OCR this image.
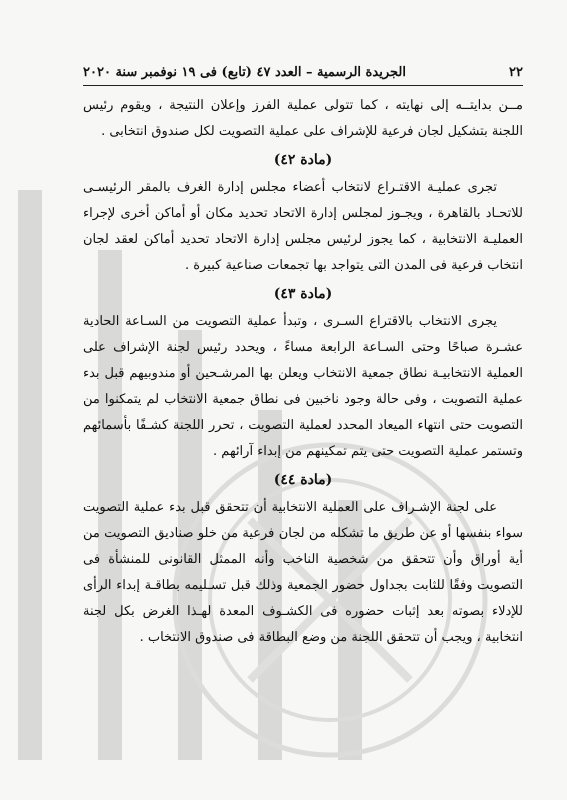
٢٢
الجريدة الرسمية – العدد ٤٧ (تابع) فى ١٩ نوفمبر سنة ٢٠٢٠

مــن بدايتــه إلى نهايته ، كما تتولى عملية الفرز وإعلان النتيجة ، ويقوم رئيس اللجنة بتشكيل لجان فرعية للإشراف على عملية التصويت لكل صندوق انتخابى .

(مادة ٤٢)

تجرى عمليـة الاقتـراع لانتخاب أعضاء مجلس إدارة الغرف بالمقر الرئيسـى للاتحـاد بالقاهرة ، ويجـوز لمجلس إدارة الاتحاد تحديد مكان أو أماكن أخرى لإجراء العمليـة الانتخابية ، كما يجوز لرئيس مجلس إدارة الاتحاد تحديد أماكن لعقد لجان انتخاب فرعية فى المدن التى يتواجد بها تجمعات صناعية كبيرة .

(مادة ٤٣)

يجرى الانتخاب بالاقتراع السـرى ، وتبدأ عملية التصويت من السـاعة الحادية عشـرة صباحًا وحتى السـاعة الرابعة مساءً ، ويحدد رئيس لجنة الإشراف على العملية الانتخابيـة نطاق جمعية الانتخاب ويعلن بها المرشـحين أو مندوبيهم قبل بدء عملية التصويت ، وفى حالة وجود ناخبين فى نطاق جمعية الانتخاب لم يتمكنوا من التصويت حتى انتهاء الميعاد المحدد لعملية التصويت ، تحرر اللجنة كشـفًا بأسمائهم وتستمر عملية التصويت حتى يتم تمكينهم من إبداء آرائهم .

(مادة ٤٤)

على لجنة الإشـراف على العملية الانتخابية أن تتحقق قبل بدء عملية التصويت سواء بنفسها أو عن طريق ما تشكله من لجان فرعية من خلو صناديق التصويت من أية أوراق وأن تتحقق من شخصية الناخب وأنه الممثل القانونى للمنشأة فى التصويت وفقًا للثابت بجداول حضور الجمعية وذلك قبل تسـليمه بطاقـة إبداء الرأى للإدلاء بصوته بعد إثبات حضوره فى الكشـوف المعدة لهـذا الغرض بكل لجنة انتخابية ، ويجب أن تتحقق اللجنة من وضع البطاقة فى صندوق الانتخاب .
